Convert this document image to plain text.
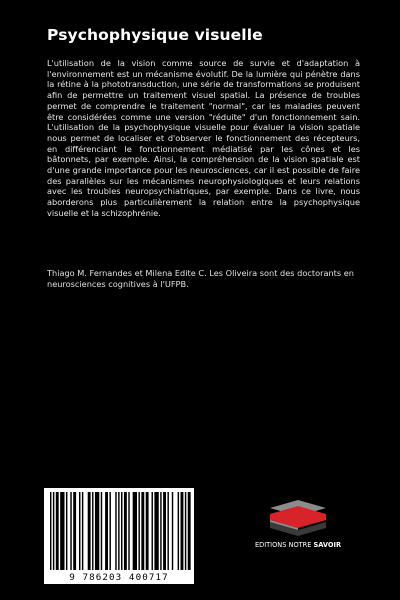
Psychophysique visuelle

L'utilisation de la vision comme source de survie et d'adaptation à l'environnement est un mécanisme évolutif. De la lumière qui pénètre dans la rétine à la phototransduction, une série de transformations se produisent afin de permettre un traitement visuel spatial. La présence de troubles permet de comprendre le traitement "normal", car les maladies peuvent être considérées comme une version "réduite" d'un fonctionnement sain. L'utilisation de la psychophysique visuelle pour évaluer la vision spatiale nous permet de localiser et d'observer le fonctionnement des récepteurs, en différenciant le fonctionnement médiatisé par les cônes et les bâtonnets, par exemple. Ainsi, la compréhension de la vision spatiale est d'une grande importance pour les neurosciences, car il est possible de faire des parallèles sur les mécanismes neurophysiologiques et leurs relations avec les troubles neuropsychiatriques, par exemple. Dans ce livre, nous aborderons plus particulièrement la relation entre la psychophysique visuelle et la schizophrénie.

Thiago M. Fernandes et Milena Edite C. Les Oliveira sont des doctorants en neurosciences cognitives à l'UFPB.

9 786203 400717
EDITIONS NOTRE SAVOIR
